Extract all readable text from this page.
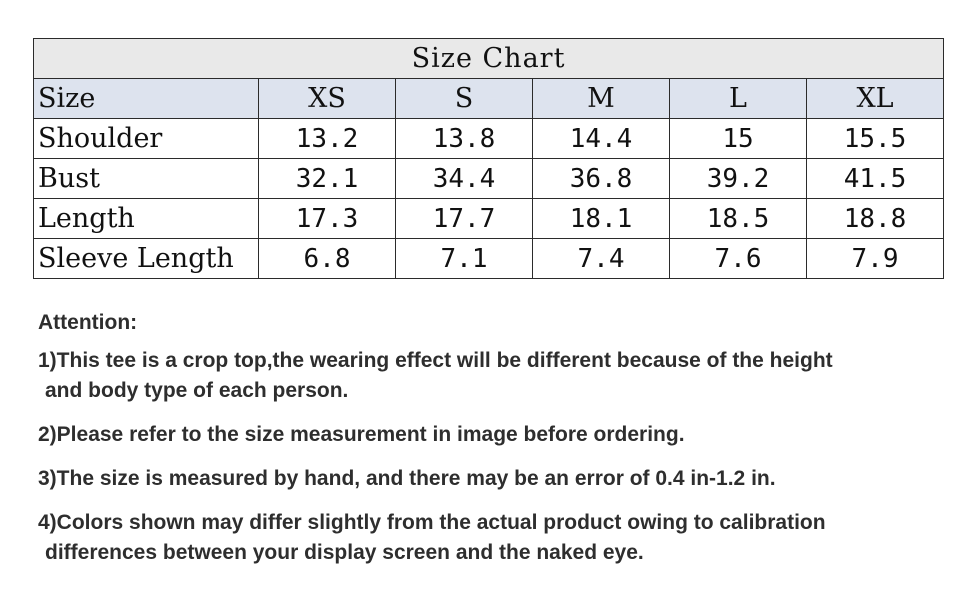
Size Chart					
Size	XS	S	M	L	XL
Shoulder	13.2	13.8	14.4	15	15.5
Bust	32.1	34.4	36.8	39.2	41.5
Length	17.3	17.7	18.1	18.5	18.8
Sleeve Length	6.8	7.1	7.4	7.6	7.9
Attention:
1)This tee is a crop top,the wearing effect will be different because of the height
and body type of each person.
2)Please refer to the size measurement in image before ordering.
3)The size is measured by hand, and there may be an error of 0.4 in-1.2 in.
4)Colors shown may differ slightly from the actual product owing to calibration
differences between your display screen and the naked eye.
